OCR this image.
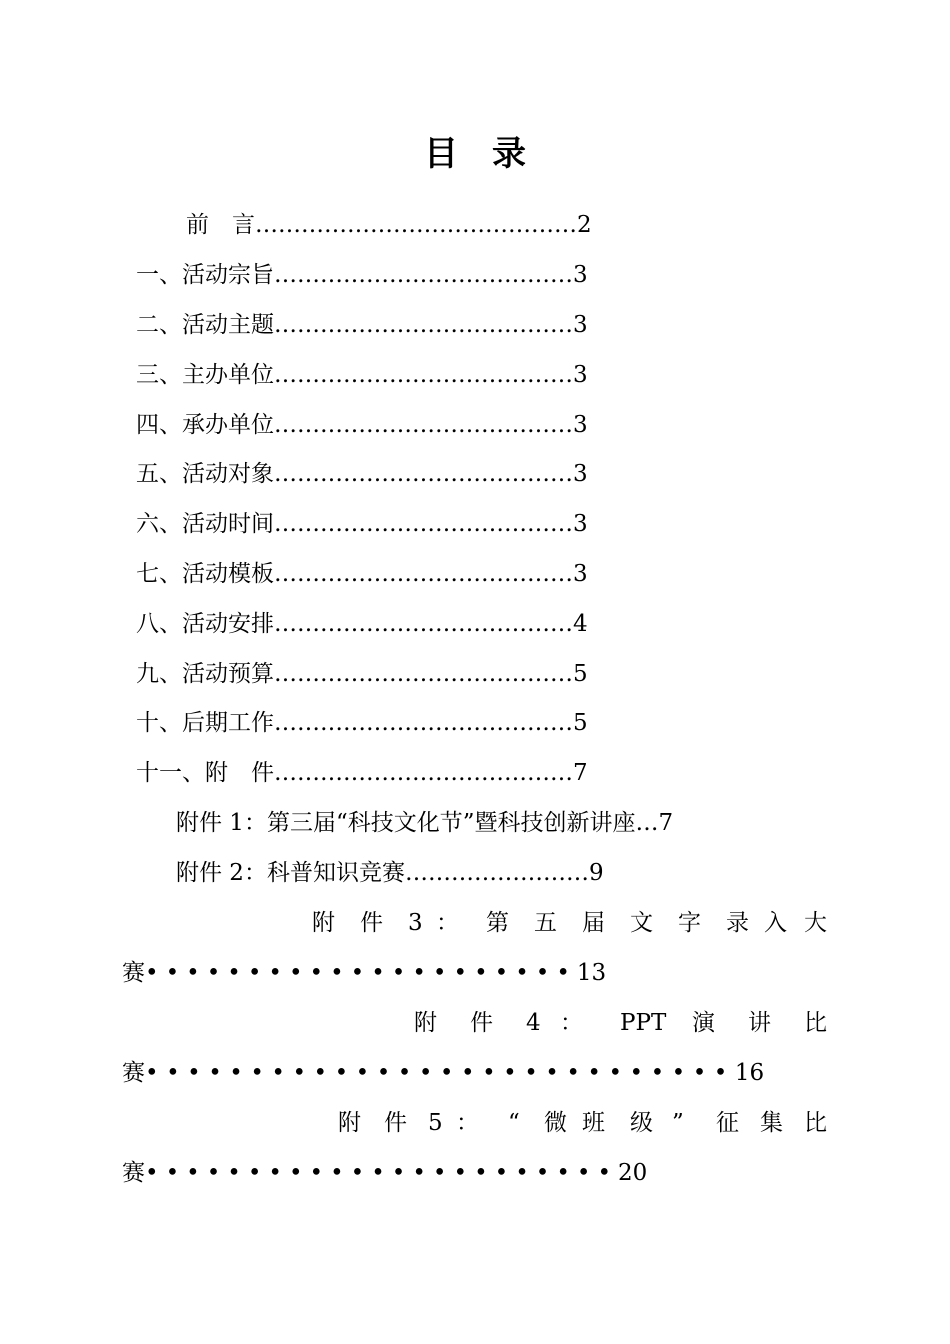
目　录
前　言……………………………………2
一、活动宗旨…………………………………3
二、活动主题…………………………………3
三、主办单位…………………………………3
四、承办单位…………………………………3
五、活动对象…………………………………3
六、活动时间…………………………………3
七、活动模板…………………………………3
八、活动安排…………………………………4
九、活动预算…………………………………5
十、后期工作…………………………………5
十一、附　件…………………………………7
附件 1：第三届“科技文化节”暨科技创新讲座…7
附件 2：科普知识竞赛……………………9
附 件 3 ： 第 五 届 文 字 录 入 大
赛•••••••••••••••••••••13
附 件 4 ： PPT 演 讲 比
赛••••••••••••••••••••••••••••16
附 件 5 ： “ 微 班 级 ” 征 集 比
赛•••••••••••••••••••••••20
